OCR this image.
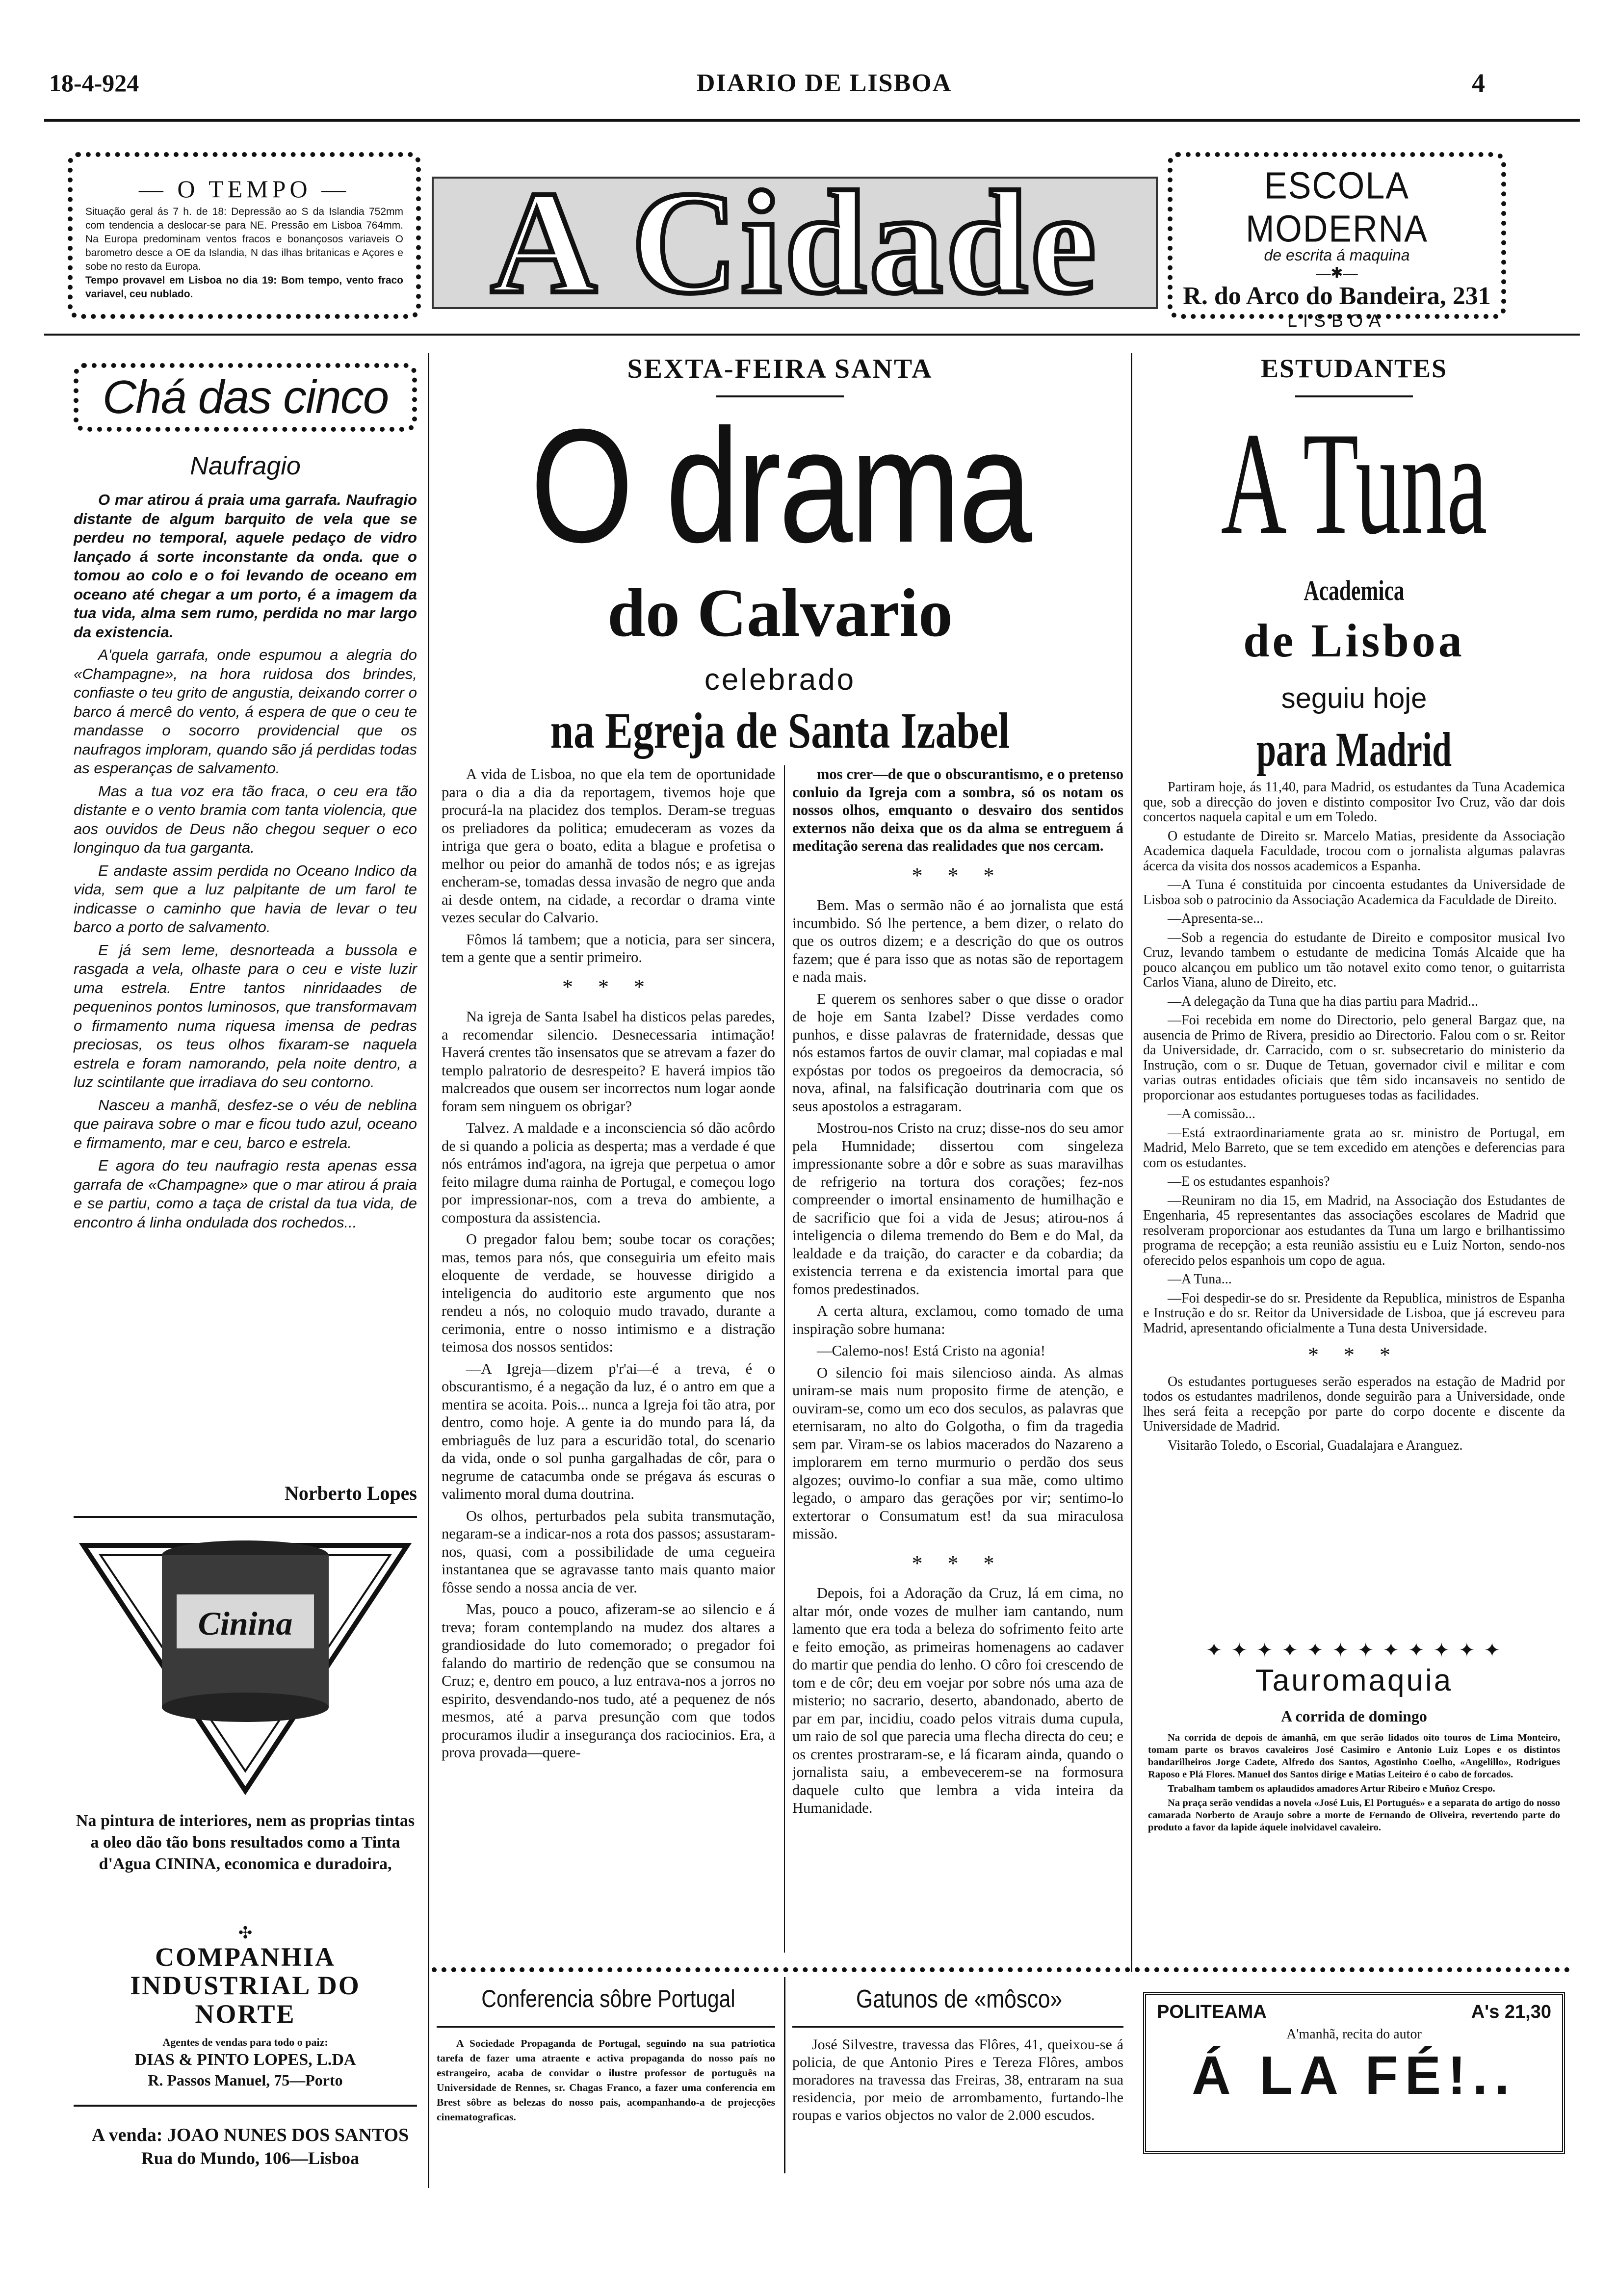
18-4-924	DIARIO DE LISBOA	4
— O TEMPO —
Situação geral ás 7 h. de 18: Depressão ao S da Islandia 752mm com tendencia a deslocar-se para NE. Pressão em Lisboa 764mm. Na Europa predominam ventos fracos e bonançosos variaveis O barometro desce a OE da Islandia, N das ilhas britanicas e Açores e sobe no resto da Europa.
Tempo provavel em Lisboa no dia 19: Bom tempo, vento fraco variavel, ceu nublado.	A Cidade	ESCOLA MODERNA
de escrita á maquina
—✱—
R. do Arco do Bandeira, 231
LISBOA
Chá das cinco
Naufragio

O mar atirou á praia uma garrafa. Naufragio distante de algum barquito de vela que se perdeu no temporal, aquele pedaço de vidro lançado á sorte inconstante da onda. que o tomou ao colo e o foi levando de oceano em oceano até chegar a um porto, é a imagem da tua vida, alma sem rumo, perdida no mar largo da existencia.

A'quela garrafa, onde espumou a alegria do «Champagne», na hora ruidosa dos brindes, confiaste o teu grito de angustia, deixando correr o barco á mercê do vento, á espera de que o ceu te mandasse o socorro providencial que os naufragos imploram, quando são já perdidas todas as esperanças de salvamento.

Mas a tua voz era tão fraca, o ceu era tão distante e o vento bramia com tanta violencia, que aos ouvidos de Deus não chegou sequer o eco longinquo da tua garganta.

E andaste assim perdida no Oceano Indico da vida, sem que a luz palpitante de um farol te indicasse o caminho que havia de levar o teu barco a porto de salvamento.

E já sem leme, desnorteada a bussola e rasgada a vela, olhaste para o ceu e viste luzir uma estrela. Entre tantos ninridaades de pequeninos pontos luminosos, que transformavam o firmamento numa riquesa imensa de pedras preciosas, os teus olhos fixaram-se naquela estrela e foram namorando, pela noite dentro, a luz scintilante que irradiava do seu contorno.

Nasceu a manhã, desfez-se o véu de neblina que pairava sobre o mar e ficou tudo azul, oceano e firmamento, mar e ceu, barco e estrela.

E agora do teu naufragio resta apenas essa garrafa de «Champagne» que o mar atirou á praia e se partiu, como a taça de cristal da tua vida, de encontro á linha ondulada dos rochedos...

Norberto Lopes
Cinina
Na pintura de interiores, nem as proprias tintas a oleo dão tão bons resultados como a Tinta d'Agua CININA, economica e duradoira,
✣
COMPANHIA INDUSTRIAL DO NORTE
Agentes de vendas para todo o paiz:
DIAS & PINTO LOPES, L.DA
R. Passos Manuel, 75—Porto
A venda: JOAO NUNES DOS SANTOS
Rua do Mundo, 106—Lisboa
SEXTA-FEIRA SANTA
O drama
do Calvario
celebrado
na Egreja de Santa Izabel

A vida de Lisboa, no que ela tem de oportunidade para o dia a dia da reportagem, tivemos hoje que procurá-la na placidez dos templos. Deram-se treguas os preliadores da politica; emudeceram as vozes da intriga que gera o boato, edita a blague e profetisa o melhor ou peior do amanhã de todos nós; e as igrejas encheram-se, tomadas dessa invasão de negro que anda ai desde ontem, na cidade, a recordar o drama vinte vezes secular do Calvario.

Fômos lá tambem; que a noticia, para ser sincera, tem a gente que a sentir primeiro.

* * *

Na igreja de Santa Isabel ha disticos pelas paredes, a recomendar silencio. Desnecessaria intimação! Haverá crentes tão insensatos que se atrevam a fazer do templo palratorio de desrespeito? E haverá impios tão malcreados que ousem ser incorrectos num logar aonde foram sem ninguem os obrigar?

Talvez. A maldade e a inconsciencia só dão acôrdo de si quando a policia as desperta; mas a verdade é que nós entrámos ind'agora, na igreja que perpetua o amor feito milagre duma rainha de Portugal, e começou logo por impressionar-nos, com a treva do ambiente, a compostura da assistencia.

O pregador falou bem; soube tocar os corações; mas, temos para nós, que conseguiria um efeito mais eloquente de verdade, se houvesse dirigido a inteligencia do auditorio este argumento que nos rendeu a nós, no coloquio mudo travado, durante a cerimonia, entre o nosso intimismo e a distração teimosa dos nossos sentidos:

—A Igreja—dizem p'r'ai—é a treva, é o obscurantismo, é a negação da luz, é o antro em que a mentira se acoita. Pois... nunca a Igreja foi tão atra, por dentro, como hoje. A gente ia do mundo para lá, da embriaguês de luz para a escuridão total, do scenario da vida, onde o sol punha gargalhadas de côr, para o negrume de catacumba onde se prégava ás escuras o valimento moral duma doutrina.

Os olhos, perturbados pela subita transmutação, negaram-se a indicar-nos a rota dos passos; assustaram-nos, quasi, com a possibilidade de uma cegueira instantanea que se agravasse tanto mais quanto maior fôsse sendo a nossa ancia de ver.

Mas, pouco a pouco, afizeram-se ao silencio e á treva; foram contemplando na mudez dos altares a grandiosidade do luto comemorado; o pregador foi falando do martirio de redenção que se consumou na Cruz; e, dentro em pouco, a luz entrava-nos a jorros no espirito, desvendando-nos tudo, até a pequenez de nós mesmos, até a parva presunção com que todos procuramos iludir a insegurança dos raciocinios. Era, a prova provada—quere-

mos crer—de que o obscurantismo, e o pretenso conluio da Igreja com a sombra, só os notam os nossos olhos, emquanto o desvairo dos sentidos externos não deixa que os da alma se entreguem á meditação serena das realidades que nos cercam.

* * *

Bem. Mas o sermão não é ao jornalista que está incumbido. Só lhe pertence, a bem dizer, o relato do que os outros dizem; e a descrição do que os outros fazem; que é para isso que as notas são de reportagem e nada mais.

E querem os senhores saber o que disse o orador de hoje em Santa Izabel? Disse verdades como punhos, e disse palavras de fraternidade, dessas que nós estamos fartos de ouvir clamar, mal copiadas e mal expóstas por todos os pregoeiros da democracia, só nova, afinal, na falsificação doutrinaria com que os seus apostolos a estragaram.

Mostrou-nos Cristo na cruz; disse-nos do seu amor pela Humnidade; dissertou com singeleza impressionante sobre a dôr e sobre as suas maravilhas de refrigerio na tortura dos corações; fez-nos compreender o imortal ensinamento de humilhação e de sacrificio que foi a vida de Jesus; atirou-nos á inteligencia o dilema tremendo do Bem e do Mal, da lealdade e da traição, do caracter e da cobardia; da existencia terrena e da existencia imortal para que fomos predestinados.

A certa altura, exclamou, como tomado de uma inspiração sobre humana:

—Calemo-nos! Está Cristo na agonia!

O silencio foi mais silencioso ainda. As almas uniram-se mais num proposito firme de atenção, e ouviram-se, como um eco dos seculos, as palavras que eternisaram, no alto do Golgotha, o fim da tragedia sem par. Viram-se os labios macerados do Nazareno a implorarem em terno murmurio o perdão dos seus algozes; ouvimo-lo confiar a sua mãe, como ultimo legado, o amparo das gerações por vir; sentimo-lo extertorar o Consumatum est! da sua miraculosa missão.

* * *

Depois, foi a Adoração da Cruz, lá em cima, no altar mór, onde vozes de mulher iam cantando, num lamento que era toda a beleza do sofrimento feito arte e feito emoção, as primeiras homenagens ao cadaver do martir que pendia do lenho. O côro foi crescendo de tom e de côr; deu em voejar por sobre nós uma aza de misterio; no sacrario, deserto, abandonado, aberto de par em par, incidiu, coado pelos vitrais duma cupula, um raio de sol que parecia uma flecha directa do ceu; e os crentes prostraram-se, e lá ficaram ainda, quando o jornalista saiu, a embevecerem-se na formosura daquele culto que lembra a vida inteira da Humanidade.

ESTUDANTES
A Tuna
Academica
de Lisboa
seguiu hoje
para Madrid

Partiram hoje, ás 11,40, para Madrid, os estudantes da Tuna Academica que, sob a direcção do joven e distinto compositor Ivo Cruz, vão dar dois concertos naquela capital e um em Toledo.

O estudante de Direito sr. Marcelo Matias, presidente da Associação Academica daquela Faculdade, trocou com o jornalista algumas palavras ácerca da visita dos nossos academicos a Espanha.

—A Tuna é constituida por cincoenta estudantes da Universidade de Lisboa sob o patrocinio da Associação Academica da Faculdade de Direito.

—Apresenta-se...

—Sob a regencia do estudante de Direito e compositor musical Ivo Cruz, levando tambem o estudante de medicina Tomás Alcaide que ha pouco alcançou em publico um tão notavel exito como tenor, o guitarrista Carlos Viana, aluno de Direito, etc.

—A delegação da Tuna que ha dias partiu para Madrid...

—Foi recebida em nome do Directorio, pelo general Bargaz que, na ausencia de Primo de Rivera, presidio ao Directorio. Falou com o sr. Reitor da Universidade, dr. Carracido, com o sr. subsecretario do ministerio da Instrução, com o sr. Duque de Tetuan, governador civil e militar e com varias outras entidades oficiais que têm sido incansaveis no sentido de proporcionar aos estudantes portugueses todas as facilidades.

—A comissão...

—Está extraordinariamente grata ao sr. ministro de Portugal, em Madrid, Melo Barreto, que se tem excedido em atenções e deferencias para com os estudantes.

—E os estudantes espanhois?

—Reuniram no dia 15, em Madrid, na Associação dos Estudantes de Engenharia, 45 representantes das associações escolares de Madrid que resolveram proporcionar aos estudantes da Tuna um largo e brilhantissimo programa de recepção; a esta reunião assistiu eu e Luiz Norton, sendo-nos oferecido pelos espanhois um copo de agua.

—A Tuna...

—Foi despedir-se do sr. Presidente da Republica, ministros de Espanha e Instrução e do sr. Reitor da Universidade de Lisboa, que já escreveu para Madrid, apresentando oficialmente a Tuna desta Universidade.

* * *

Os estudantes portugueses serão esperados na estação de Madrid por todos os estudantes madrilenos, donde seguirão para a Universidade, onde lhes será feita a recepção por parte do corpo docente e discente da Universidade de Madrid.

Visitarão Toledo, o Escorial, Guadalajara e Aranguez.

✦ ✦ ✦ ✦ ✦ ✦ ✦ ✦ ✦ ✦ ✦ ✦
Tauromaquia
A corrida de domingo

Na corrida de depois de ámanhã, em que serão lidados oito touros de Lima Monteiro, tomam parte os bravos cavaleiros José Casimiro e Antonio Luiz Lopes e os distintos bandarilheiros Jorge Cadete, Alfredo dos Santos, Agostinho Coelho, «Angelillo», Rodrigues Raposo e Plá Flores. Manuel dos Santos dirige e Matias Leiteiro é o cabo de forcados.

Trabalham tambem os aplaudidos amadores Artur Ribeiro e Muñoz Crespo.

Na praça serão vendidas a novela «José Luis, El Portugués» e a separata do artigo do nosso camarada Norberto de Araujo sobre a morte de Fernando de Oliveira, revertendo parte do produto a favor da lapide áquele inolvidavel cavaleiro.

POLITEAMA	A's 21,30
A'manhã, recita do autor
Á LA FÉ!..
Conferencia sôbre Portugal
A Sociedade Propaganda de Portugal, seguindo na sua patriotica tarefa de fazer uma atraente e activa propaganda do nosso país no estrangeiro, acaba de convidar o ilustre professor de português na Universidade de Rennes, sr. Chagas Franco, a fazer uma conferencia em Brest sôbre as belezas do nosso pais, acompanhando-a de projecções cinematograficas.
Gatunos de «môsco»
José Silvestre, travessa das Flôres, 41, queixou-se á policia, de que Antonio Pires e Tereza Flôres, ambos moradores na travessa das Freiras, 38, entraram na sua residencia, por meio de arrombamento, furtando-lhe roupas e varios objectos no valor de 2.000 escudos.
